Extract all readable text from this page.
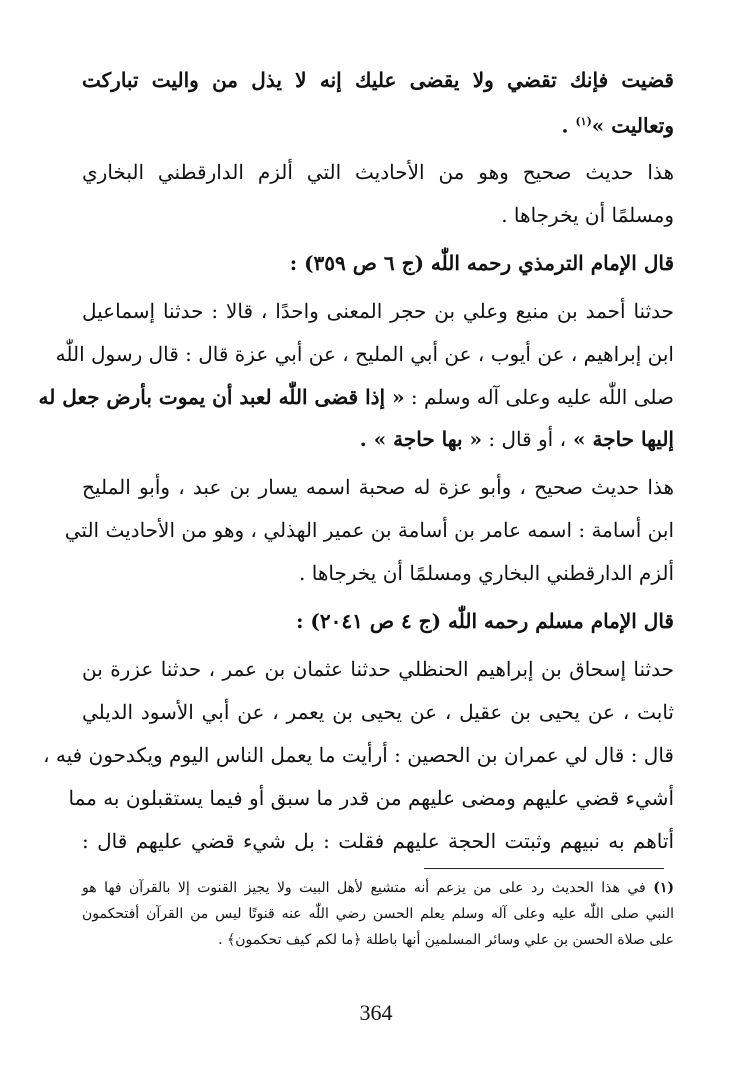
قضيت فإنك تقضي ولا يقضى عليك إنه لا يذل من واليت تباركت
وتعاليت »$^{(١)}$ .
هذا حديث صحيح وهو من الأحاديث التي ألزم الدارقطني البخاري
ومسلمًا أن يخرجاها .
قال الإمام الترمذي رحمه اللّٰه (ج ٦ ص ٣٥٩) :
حدثنا أحمد بن منيع وعلي بن حجر المعنى واحدًا ، قالا : حدثنا إسماعيل
ابن إبراهيم ، عن أيوب ، عن أبي المليح ، عن أبي عزة قال : قال رسول اللّٰه
صلى اللّٰه عليه وعلى آله وسلم : « إذا قضى اللّٰه لعبد أن يموت بأرض جعل له
إليها حاجة » ، أو قال : « بها حاجة » .
هذا حديث صحيح ، وأبو عزة له صحبة اسمه يسار بن عبد ، وأبو المليح
ابن أسامة : اسمه عامر بن أسامة بن عمير الهذلي ، وهو من الأحاديث التي
ألزم الدارقطني البخاري ومسلمًا أن يخرجاها .
قال الإمام مسلم رحمه اللّٰه (ج ٤ ص ٢٠٤١) :
حدثنا إسحاق بن إبراهيم الحنظلي حدثنا عثمان بن عمر ، حدثنا عزرة بن
ثابت ، عن يحيى بن عقيل ، عن يحيى بن يعمر ، عن أبي الأسود الديلي
قال : قال لي عمران بن الحصين : أرأيت ما يعمل الناس اليوم ويكدحون فيه ،
أشيء قضي عليهم ومضى عليهم من قدر ما سبق أو فيما يستقبلون به مما
أتاهم به نبيهم وثبتت الحجة عليهم فقلت : بل شيء قضي عليهم قال :
(١) في هذا الحديث رد على من يزعم أنه متشيع لأهل البيت ولا يجيز القنوت إلا بالقرآن فها هو
النبي صلى اللّٰه عليه وعلى آله وسلم يعلم الحسن رضي اللّٰه عنه قنوتًا ليس من القرآن أفتحكمون
على صلاة الحسن بن علي وسائر المسلمين أنها باطلة ﴿ما لكم كيف تحكمون﴾ .
364
